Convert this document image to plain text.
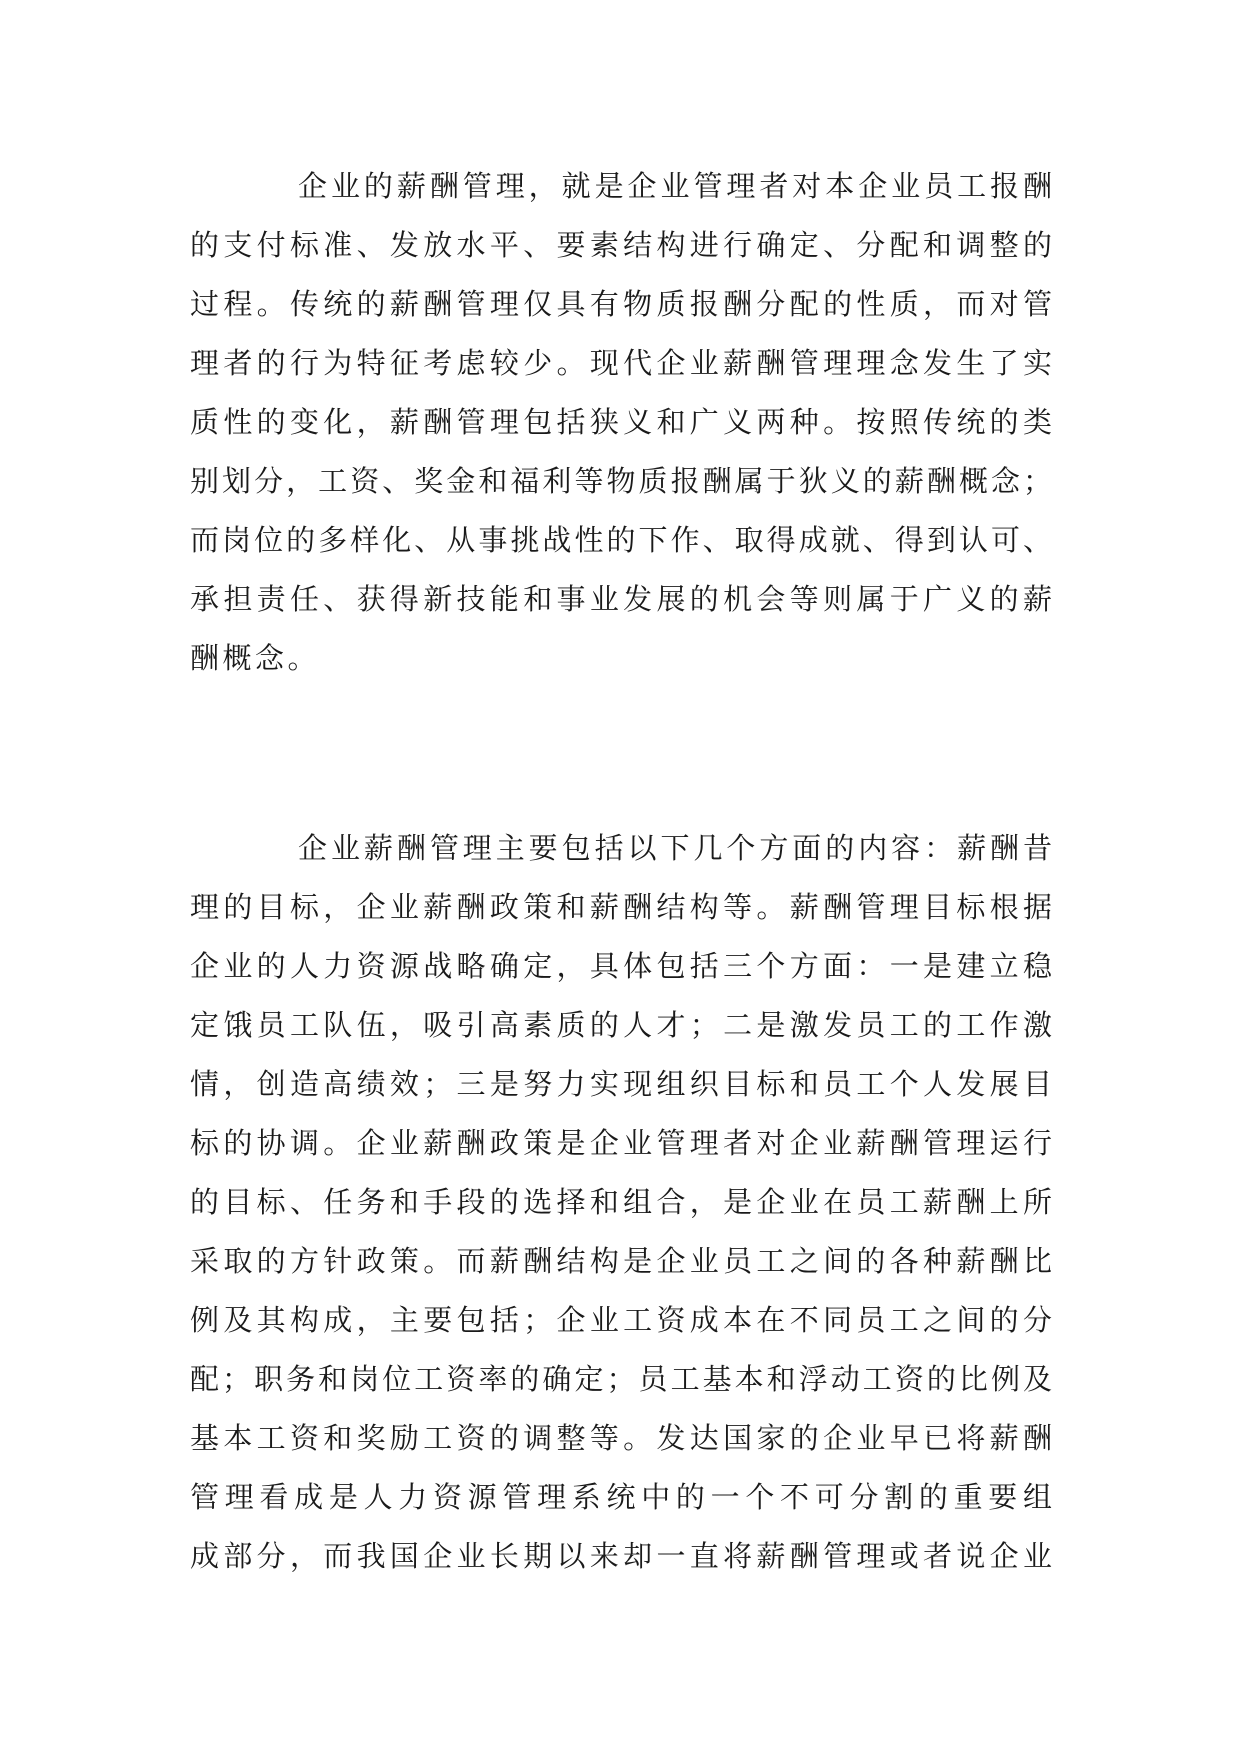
企业的薪酬管理，就是企业管理者对本企业员工报酬
的支付标准、发放水平、要素结构进行确定、分配和调整的
过程。传统的薪酬管理仅具有物质报酬分配的性质，而对管
理者的行为特征考虑较少。现代企业薪酬管理理念发生了实
质性的变化，薪酬管理包括狭义和广义两种。按照传统的类
别划分，工资、奖金和福利等物质报酬属于狄义的薪酬概念；
而岗位的多样化、从事挑战性的下作、取得成就、得到认可、
承担责任、获得新技能和事业发展的机会等则属于广义的薪
酬概念。
企业薪酬管理主要包括以下几个方面的内容：薪酬昔
理的目标，企业薪酬政策和薪酬结构等。薪酬管理目标根据
企业的人力资源战略确定，具体包括三个方面：一是建立稳
定饿员工队伍，吸引高素质的人才；二是激发员工的工作激
情，创造高绩效；三是努力实现组织目标和员工个人发展目
标的协调。企业薪酬政策是企业管理者对企业薪酬管理运行
的目标、任务和手段的选择和组合，是企业在员工薪酬上所
采取的方针政策。而薪酬结构是企业员工之间的各种薪酬比
例及其构成，主要包括；企业工资成本在不同员工之间的分
配；职务和岗位工资率的确定；员工基本和浮动工资的比例及
基本工资和奖励工资的调整等。发达国家的企业早已将薪酬
管理看成是人力资源管理系统中的一个不可分割的重要组
成部分，而我国企业长期以来却一直将薪酬管理或者说企业
